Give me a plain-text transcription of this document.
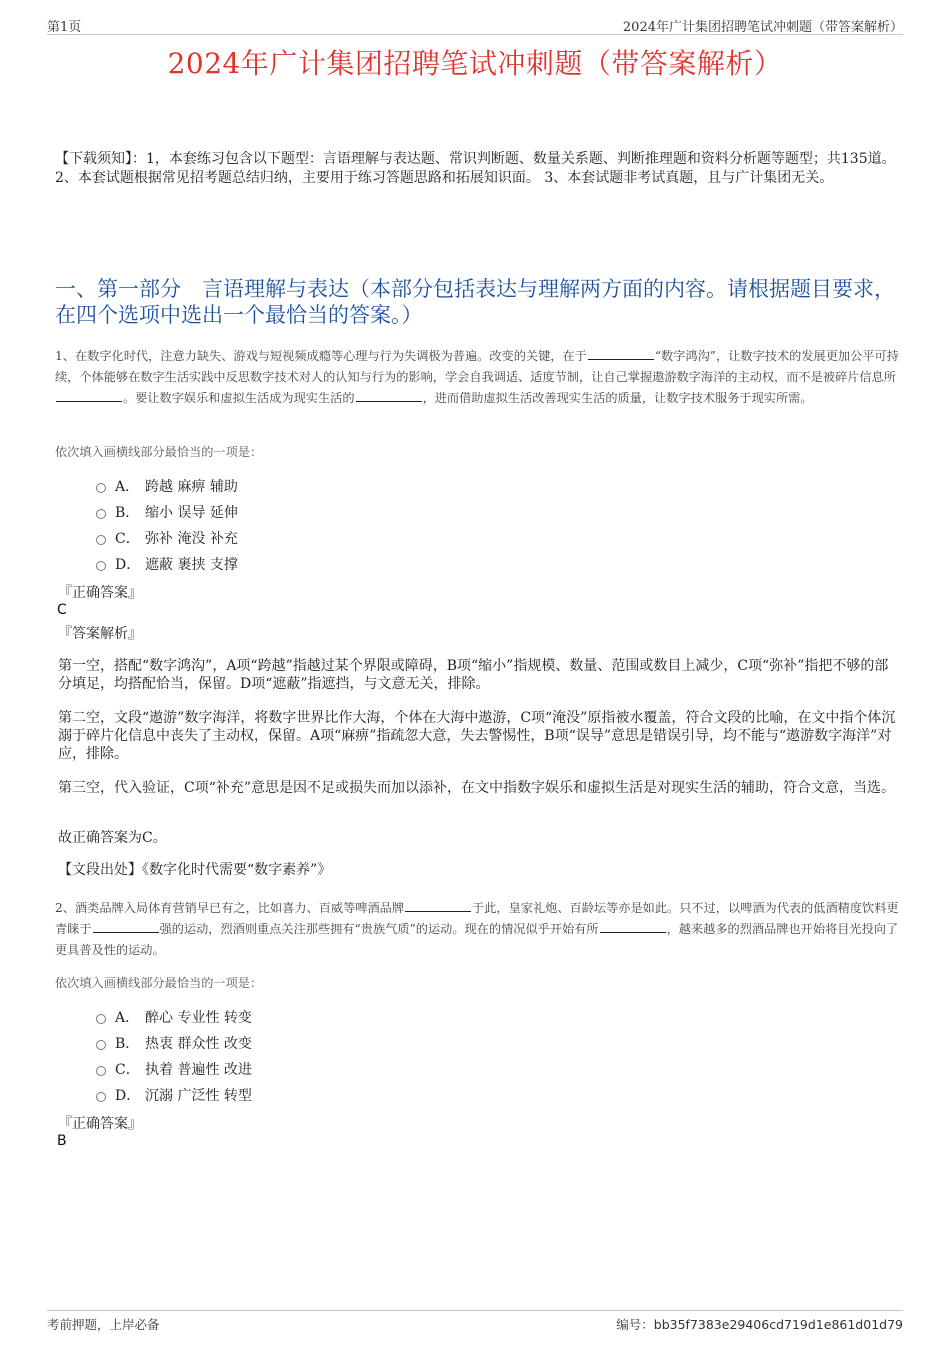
第1页	2024年广计集团招聘笔试冲刺题（带答案解析）
2024年广计集团招聘笔试冲刺题（带答案解析）
【下载须知】：1，本套练习包含以下题型：言语理解与表达题、常识判断题、数量关系题、判断推理题和资料分析题等题型；共135道。 2、本套试题根据常见招考题总结归纳，主要用于练习答题思路和拓展知识面。 3、本套试题非考试真题，且与广计集团无关。
一、第一部分　言语理解与表达（本部分包括表达与理解两方面的内容。请根据题目要求，在四个选项中选出一个最恰当的答案。）
1、在数字化时代，注意力缺失、游戏与短视频成瘾等心理与行为失调极为普遍。改变的关键，在于	“数字鸿沟”，让数字技术的发展更加公平可持续，个体能够在数字生活实践中反思数字技术对人的认知与行为的影响，学会自我调适、适度节制，让自己掌握遨游数字海洋的主动权，而不是被碎片信息所。要让数字娱乐和虚拟生活成为现实生活的	，进而借助虚拟生活改善现实生活的质量，让数字技术服务于现实所需。
依次填入画横线部分最恰当的一项是：
A． 跨越 麻痹 辅助
B． 缩小 误导 延伸
C． 弥补 淹没 补充
D． 遮蔽 裹挟 支撑
『正确答案』
C
『答案解析』
第一空，搭配“数字鸿沟”，A项“跨越”指越过某个界限或障碍，B项“缩小”指规模、数量、范围或数目上减少，C项“弥补”指把不够的部分填足，均搭配恰当，保留。D项“遮蔽”指遮挡，与文意无关，排除。
第二空，文段“遨游”数字海洋，将数字世界比作大海，个体在大海中遨游，C项“淹没”原指被水覆盖，符合文段的比喻，在文中指个体沉溺于碎片化信息中丧失了主动权，保留。A项“麻痹”指疏忽大意，失去警惕性，B项“误导”意思是错误引导，均不能与“遨游数字海洋”对应，排除。
第三空，代入验证，C项“补充”意思是因不足或损失而加以添补，在文中指数字娱乐和虚拟生活是对现实生活的辅助，符合文意，当选。
故正确答案为C。
【文段出处】《数字化时代需要“数字素养”》
2、酒类品牌入局体育营销早已有之，比如喜力、百威等啤酒品牌	于此，皇家礼炮、百龄坛等亦是如此。只不过，以啤酒为代表的低酒精度饮料更青睐于	强的运动，烈酒则重点关注那些拥有“贵族气质”的运动。现在的情况似乎开始有所	，越来越多的烈酒品牌也开始将目光投向了更具普及性的运动。
依次填入画横线部分最恰当的一项是：
A． 醉心 专业性 转变
B． 热衷 群众性 改变
C． 执着 普遍性 改进
D． 沉溺 广泛性 转型
『正确答案』
B
考前押题，上岸必备	编号：bb35f7383e29406cd719d1e861d01d79
